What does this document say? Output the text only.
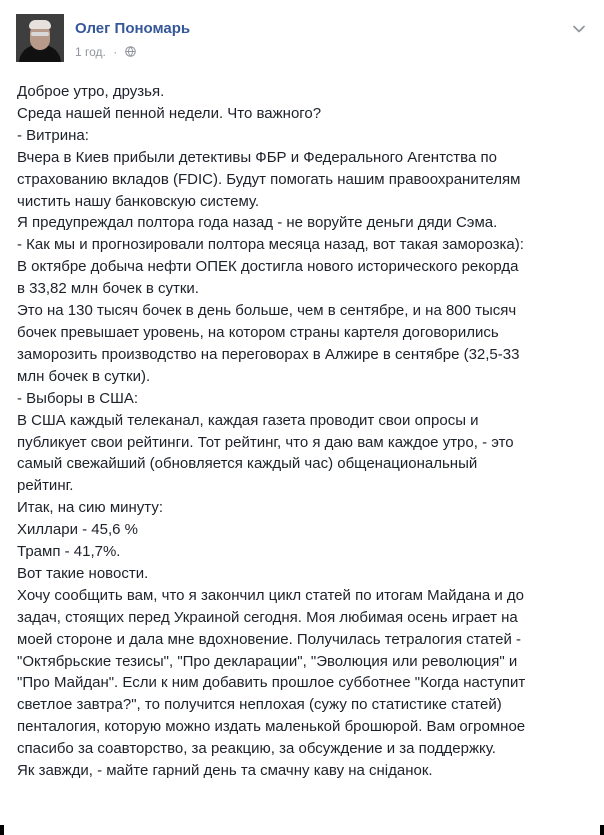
Олег Пономарь
1 год. ·
Доброе утро, друзья.
Среда нашей пенной недели. Что важного?
- Витрина:
Вчера в Киев прибыли детективы ФБР и Федерального Агентства по
страхованию вкладов (FDIC). Будут помогать нашим правоохранителям
чистить нашу банковскую систему.
Я предупреждал полтора года назад - не воруйте деньги дяди Сэма.
- Как мы и прогнозировали полтора месяца назад, вот такая заморозка):
В октябре добыча нефти ОПЕК достигла нового исторического рекорда
в 33,82 млн бочек в сутки.
Это на 130 тысяч бочек в день больше, чем в сентябре, и на 800 тысяч
бочек превышает уровень, на котором страны картеля договорились
заморозить производство на переговорах в Алжире в сентябре (32,5-33
млн бочек в сутки).
- Выборы в США:
В США каждый телеканал, каждая газета проводит свои опросы и
публикует свои рейтинги. Тот рейтинг, что я даю вам каждое утро, - это
самый свежайший (обновляется каждый час) общенациональный
рейтинг.
Итак, на сию минуту:
Хиллари - 45,6 %
Трамп - 41,7%.
Вот такие новости.
Хочу сообщить вам, что я закончил цикл статей по итогам Майдана и до
задач, стоящих перед Украиной сегодня. Моя любимая осень играет на
моей стороне и дала мне вдохновение. Получилась тетралогия статей -
"Октябрьские тезисы", "Про декларации", "Эволюция или революция" и
"Про Майдан". Если к ним добавить прошлое субботнее "Когда наступит
светлое завтра?", то получится неплохая (сужу по статистике статей)
пенталогия, которую можно издать маленькой брошюрой. Вам огромное
спасибо за соавторство, за реакцию, за обсуждение и за поддержку.
Як завжди, - майте гарний день та смачну каву на сніданок.
